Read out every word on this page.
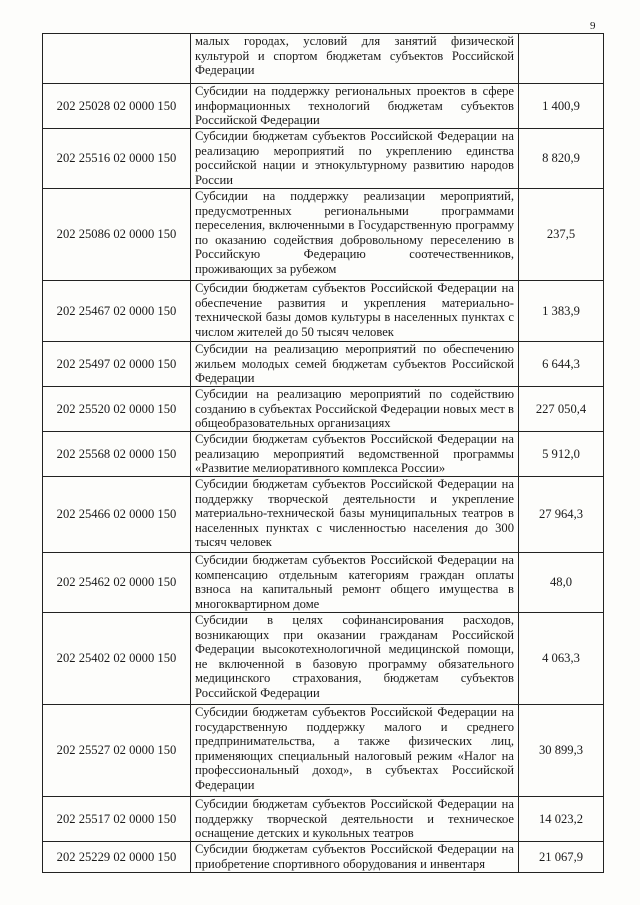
9
	малых городах, условий для занятий физической культурой и спортом бюджетам субъектов Российской Федерации	
202 25028 02 0000 150	Субсидии на поддержку региональных проектов в сфере информационных технологий бюджетам субъектов Российской Федерации	1 400,9
202 25516 02 0000 150	Субсидии бюджетам субъектов Российской Федерации на реализацию мероприятий по укреплению единства российской нации и этнокультурному развитию народов России	8 820,9
202 25086 02 0000 150	Субсидии на поддержку реализации мероприятий, предусмотренных региональными программами переселения, включенными в Государственную программу по оказанию содействия добровольному переселению в Российскую Федерацию соотечественников, проживающих за рубежом	237,5
202 25467 02 0000 150	Субсидии бюджетам субъектов Российской Федерации на обеспечение развития и укрепления материально-технической базы домов культуры в населенных пунктах с числом жителей до 50 тысяч человек	1 383,9
202 25497 02 0000 150	Субсидии на реализацию мероприятий по обеспечению жильем молодых семей бюджетам субъектов Российской Федерации	6 644,3
202 25520 02 0000 150	Субсидии на реализацию мероприятий по содействию созданию в субъектах Российской Федерации новых мест в общеобразовательных организациях	227 050,4
202 25568 02 0000 150	Субсидии бюджетам субъектов Российской Федерации на реализацию мероприятий ведомственной программы «Развитие мелиоративного комплекса России»	5 912,0
202 25466 02 0000 150	Субсидии бюджетам субъектов Российской Федерации на поддержку творческой деятельности и укрепление материально-технической базы муниципальных театров в населенных пунктах с численностью населения до 300 тысяч человек	27 964,3
202 25462 02 0000 150	Субсидии бюджетам субъектов Российской Федерации на компенсацию отдельным категориям граждан оплаты взноса на капитальный ремонт общего имущества в многоквартирном доме	48,0
202 25402 02 0000 150	Субсидии в целях софинансирования расходов, возникающих при оказании гражданам Российской Федерации высокотехнологичной медицинской помощи, не включенной в базовую программу обязательного медицинского страхования, бюджетам субъектов Российской Федерации	4 063,3
202 25527 02 0000 150	Субсидии бюджетам субъектов Российской Федерации на государственную поддержку малого и среднего предпринимательства, а также физических лиц, применяющих специальный налоговый режим «Налог на профессиональный доход», в субъектах Российской Федерации	30 899,3
202 25517 02 0000 150	Субсидии бюджетам субъектов Российской Федерации на поддержку творческой деятельности и техническое оснащение детских и кукольных театров	14 023,2
202 25229 02 0000 150	Субсидии бюджетам субъектов Российской Федерации на приобретение спортивного оборудования и инвентаря	21 067,9
